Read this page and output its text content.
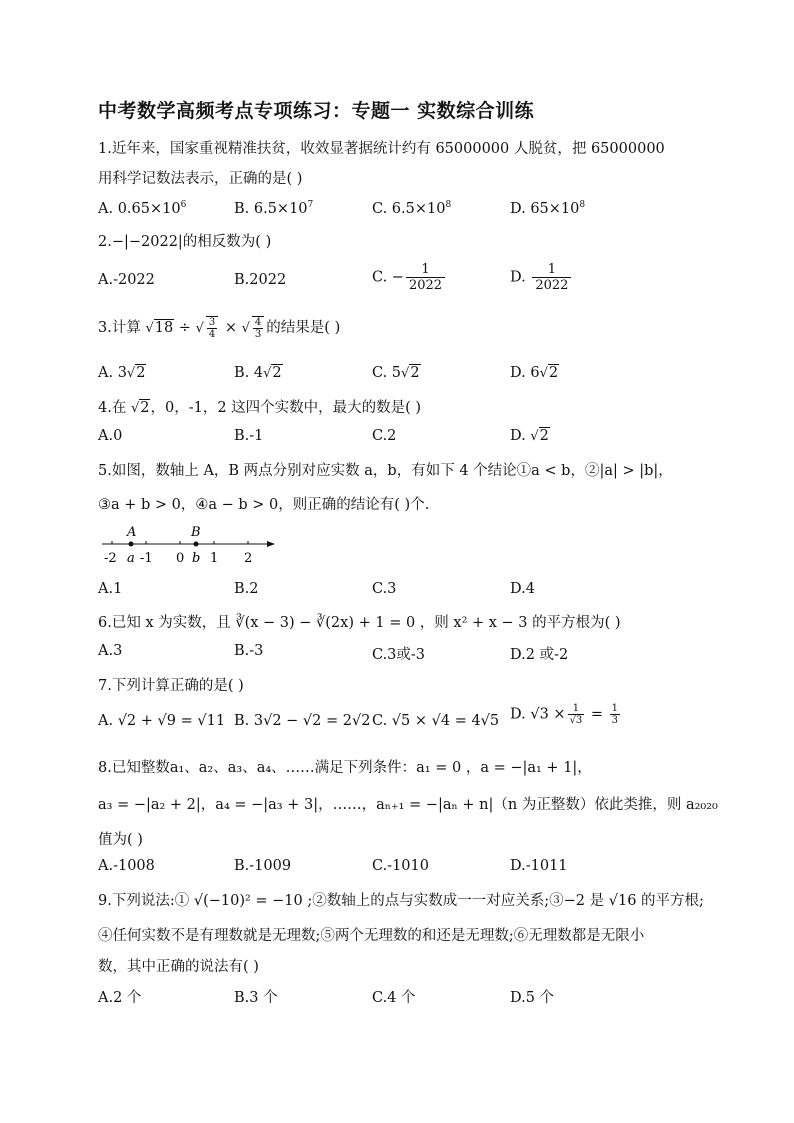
中考数学高频考点专项练习：专题一 实数综合训练
1.近年来，国家重视精准扶贫，收效显著据统计约有 65000000 人脱贫，把 65000000
用科学记数法表示，正确的是( )
A. $0.65\times 10^6$	B. $6.5\times 10^7$	C. $6.5\times 10^8$	D. $65\times 10^8$
2.−|−2022|的相反数为( )
A.-2022	B.2022	C. − $\frac{1}{2022}$	D. $\frac{1}{2022}$
3.计算 √18 ÷ √ $\frac{3}{4}$ × √ $\frac{4}{3}$ 的结果是( )
A. 3√2	B. 4√2	C. 5√2	D. 6√2
4.在 √2，0，-1，2 这四个实数中，最大的数是( )
A.0	B.-1	C.2	D. √2
5.如图，数轴上 A，B 两点分别对应实数 a，b，有如下 4 个结论①a < b，②|a| > |b|，
③a + b > 0，④a − b > 0，则正确的结论有( )个.
A	B
-2 a -1 0 b 1 2
A.1	B.2	C.3	D.4
6.已知 x 为实数，且 ∛(x − 3) − ∛(2x) + 1 = 0 ，则 x² + x − 3 的平方根为( )
A.3	B.-3	C.3或-3	D.2 或-2
7.下列计算正确的是( )
A. √2 + √9 = √11 B. 3√2 − √2 = 2√2 C. √5 × √4 = 4√5 D. $√3 \times \frac{1}{√3} = \frac{1}{3}$
8.已知整数a₁、a₂、a₃、a₄、……满足下列条件：a₁ = 0 ，a = −|a₁ + 1|，
a₃ = −|a₂ + 2|，a₄ = −|a₃ + 3|，……，aₙ₊₁ = −|aₙ + n|（n 为正整数）依此类推，则 a₂₀₂₀
值为( )
A.-1008	B.-1009	C.-1010	D.-1011
9.下列说法:① √(−10)² = −10 ;②数轴上的点与实数成一一对应关系;③−2 是 √16 的平方根;
④任何实数不是有理数就是无理数;⑤两个无理数的和还是无理数;⑥无理数都是无限小
数，其中正确的说法有( )
A.2 个	B.3 个	C.4 个	D.5 个
